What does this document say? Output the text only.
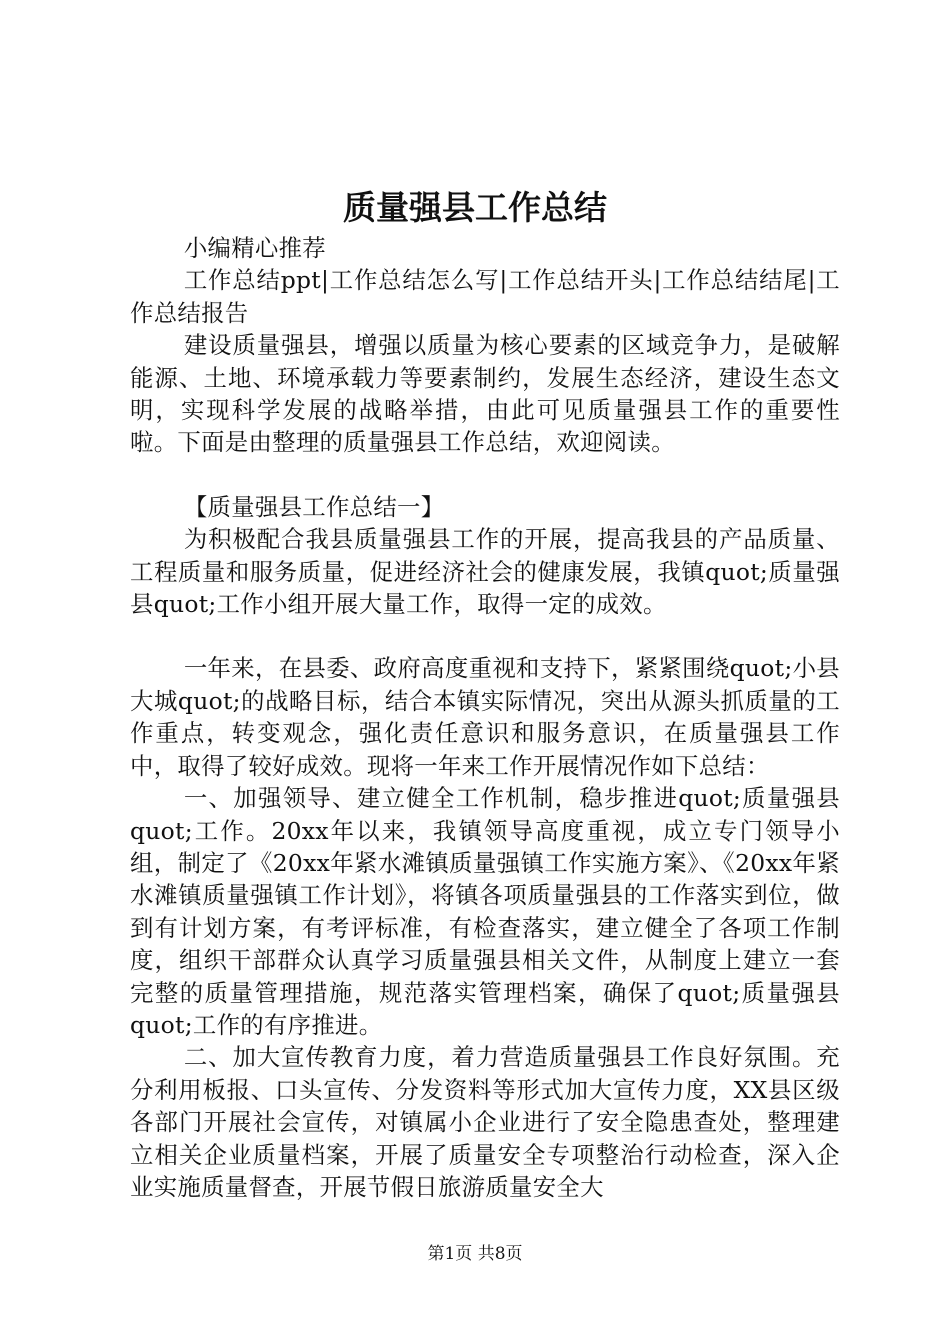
质量强县工作总结

小编精心推荐

工作总结ppt|工作总结怎么写|工作总结开头|工作总结结尾|工作总结报告

建设质量强县，增强以质量为核心要素的区域竞争力，是破解能源、土地、环境承载力等要素制约，发展生态经济，建设生态文明，实现科学发展的战略举措，由此可见质量强县工作的重要性啦。下面是由整理的质量强县工作总结，欢迎阅读。

【质量强县工作总结一】

为积极配合我县质量强县工作的开展，提高我县的产品质量、工程质量和服务质量，促进经济社会的健康发展，我镇quot;质量强县quot;工作小组开展大量工作，取得一定的成效。

一年来，在县委、政府高度重视和支持下，紧紧围绕quot;小县大城quot;的战略目标，结合本镇实际情况，突出从源头抓质量的工作重点，转变观念，强化责任意识和服务意识，在质量强县工作中，取得了较好成效。现将一年来工作开展情况作如下总结：

一、加强领导、建立健全工作机制，稳步推进quot;质量强县quot;工作。20xx年以来，我镇领导高度重视，成立专门领导小组，制定了《20xx年紧水滩镇质量强镇工作实施方案》、《20xx年紧水滩镇质量强镇工作计划》，将镇各项质量强县的工作落实到位，做到有计划方案，有考评标准，有检查落实，建立健全了各项工作制度，组织干部群众认真学习质量强县相关文件，从制度上建立一套完整的质量管理措施，规范落实管理档案，确保了quot;质量强县quot;工作的有序推进。

二、加大宣传教育力度，着力营造质量强县工作良好氛围。充分利用板报、口头宣传、分发资料等形式加大宣传力度，XX县区级各部门开展社会宣传，对镇属小企业进行了安全隐患查处，整理建立相关企业质量档案，开展了质量安全专项整治行动检查，深入企业实施质量督查，开展节假日旅游质量安全大

第1页 共8页
